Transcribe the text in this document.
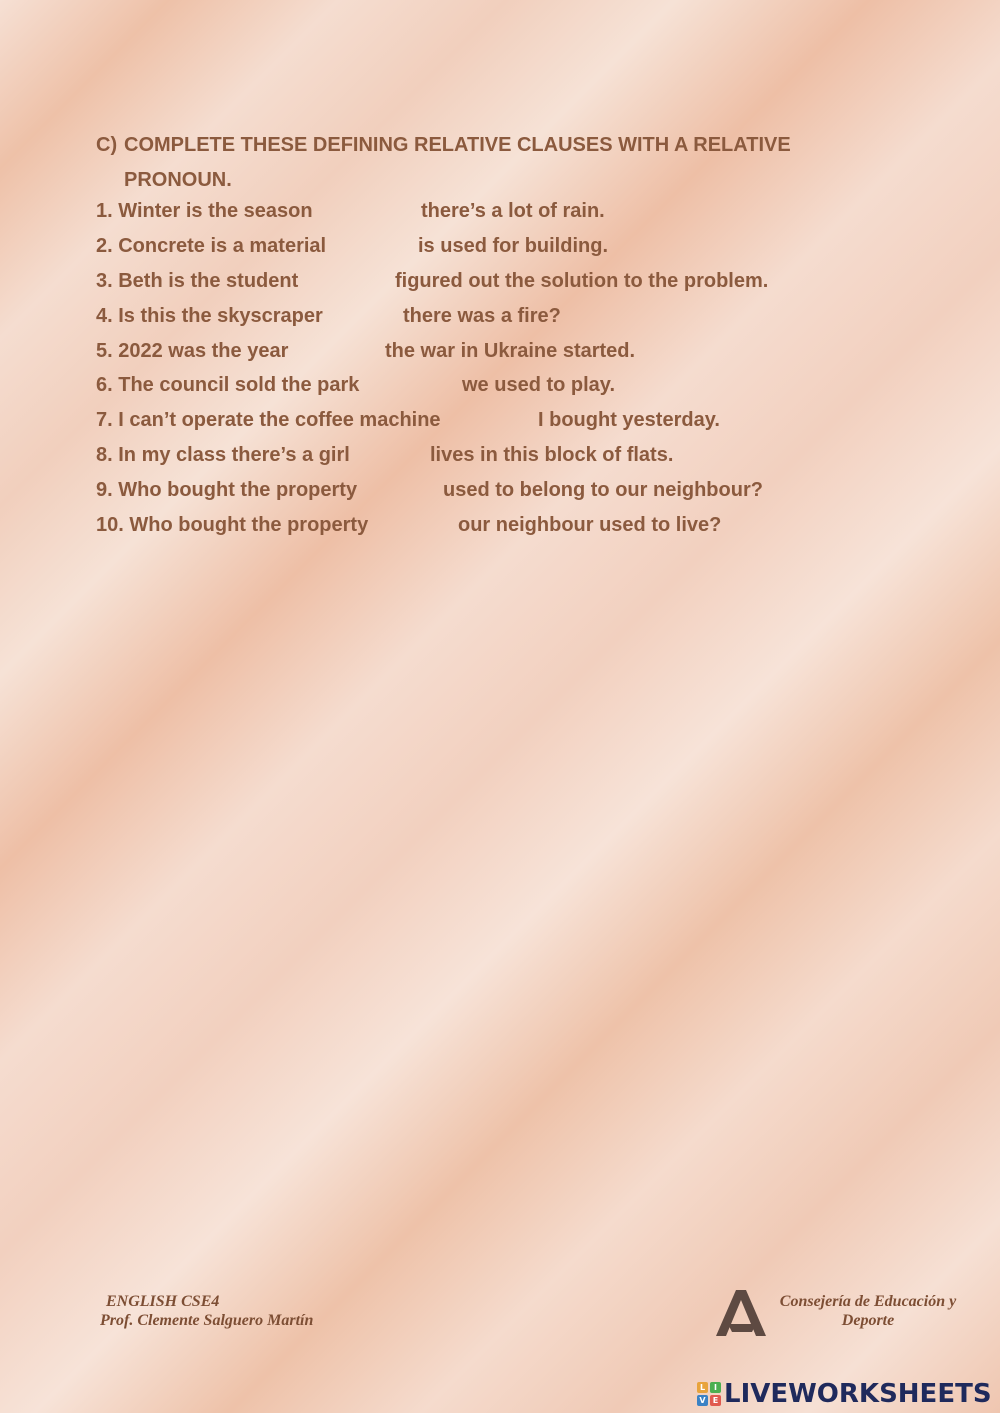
C) COMPLETE THESE DEFINING RELATIVE CLAUSES WITH A RELATIVE
PRONOUN.
1. Winter is the season	there’s a lot of rain.
2. Concrete is a material	is used for building.
3. Beth is the student	figured out the solution to the problem.
4. Is this the skyscraper	there was a fire?
5. 2022 was the year	the war in Ukraine started.
6. The council sold the park	we used to play.
7. I can’t operate the coffee machine	I bought yesterday.
8. In my class there’s a girl	lives in this block of flats.
9. Who bought the property	used to belong to our neighbour?
10. Who bought the property	our neighbour used to live?
ENGLISH CSE4
Prof. Clemente Salguero Martín
Consejería de Educación y
Deporte
L	I
V E LIVEWORKSHEETS
